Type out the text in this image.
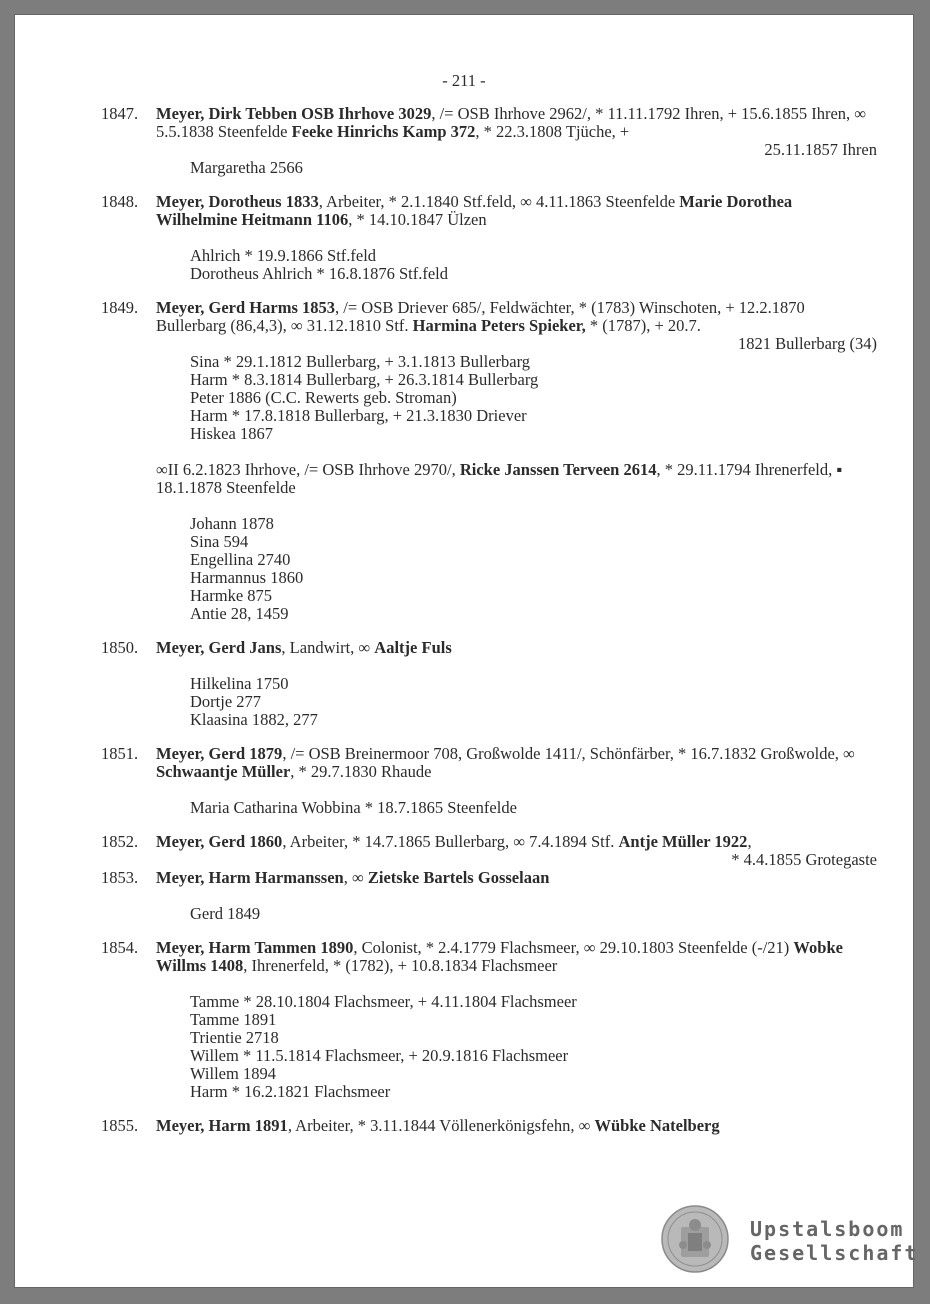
- 211 -
1847.	Meyer, Dirk Tebben OSB Ihrhove 3029, /= OSB Ihrhove 2962/, * 11.11.1792 Ihren, + 15.6.1855 Ihren, ∞ 5.5.1838 Steenfelde Feeke Hinrichs Kamp 372, * 22.3.1808 Tjüche, +
25.11.1857 Ihren
Margaretha 2566
1848.	Meyer, Dorotheus 1833, Arbeiter, * 2.1.1840 Stf.feld, ∞ 4.11.1863 Steenfelde Marie Dorothea Wilhelmine Heitmann 1106, * 14.10.1847 Ülzen
Ahlrich * 19.9.1866 Stf.feld
Dorotheus Ahlrich * 16.8.1876 Stf.feld
1849.	Meyer, Gerd Harms 1853, /= OSB Driever 685/, Feldwächter, * (1783) Winschoten, + 12.2.1870 Bullerbarg (86,4,3), ∞ 31.12.1810 Stf. Harmina Peters Spieker, * (1787), + 20.7.
1821 Bullerbarg (34)
Sina * 29.1.1812 Bullerbarg, + 3.1.1813 Bullerbarg
Harm * 8.3.1814 Bullerbarg, + 26.3.1814 Bullerbarg
Peter 1886 (C.C. Rewerts geb. Stroman)
Harm * 17.8.1818 Bullerbarg, + 21.3.1830 Driever
Hiskea 1867
∞II 6.2.1823 Ihrhove, /= OSB Ihrhove 2970/, Ricke Janssen Terveen 2614, * 29.11.1794 Ihrenerfeld, ▪ 18.1.1878 Steenfelde
Johann 1878
Sina 594
Engellina 2740
Harmannus 1860
Harmke 875
Antie 28, 1459
1850.	Meyer, Gerd Jans, Landwirt, ∞ Aaltje Fuls
Hilkelina 1750
Dortje 277
Klaasina 1882, 277
1851.	Meyer, Gerd 1879, /= OSB Breinermoor 708, Großwolde 1411/, Schönfärber, * 16.7.1832 Großwolde, ∞ Schwaantje Müller, * 29.7.1830 Rhaude
Maria Catharina Wobbina * 18.7.1865 Steenfelde
1852.	Meyer, Gerd 1860, Arbeiter, * 14.7.1865 Bullerbarg, ∞ 7.4.1894 Stf. Antje Müller 1922,
* 4.4.1855 Grotegaste
1853.	Meyer, Harm Harmanssen, ∞ Zietske Bartels Gosselaan
Gerd 1849
1854.	Meyer, Harm Tammen 1890, Colonist, * 2.4.1779 Flachsmeer, ∞ 29.10.1803 Steenfelde (-/21) Wobke Willms 1408, Ihrenerfeld, * (1782), + 10.8.1834 Flachsmeer
Tamme * 28.10.1804 Flachsmeer, + 4.11.1804 Flachsmeer
Tamme 1891
Trientie 2718
Willem * 11.5.1814 Flachsmeer, + 20.9.1816 Flachsmeer
Willem 1894
Harm * 16.2.1821 Flachsmeer
1855.	Meyer, Harm 1891, Arbeiter, * 3.11.1844 Völlenerkönigsfehn, ∞ Wübke Natelberg
Upstalsboom
Gesellschaft
